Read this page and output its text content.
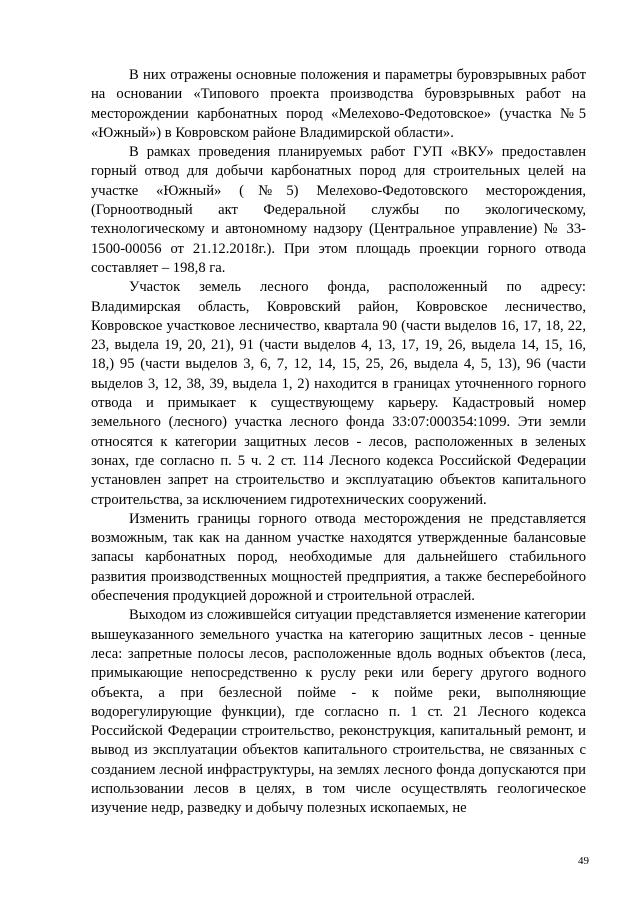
В них отражены основные положения и параметры буровзрывных работ на основании «Типового проекта производства буровзрывных работ на месторождении карбонатных пород «Мелехово-Федотовское» (участка №5 «Южный») в Ковровском районе Владимирской области».

В рамках проведения планируемых работ ГУП «ВКУ» предоставлен горный отвод для добычи карбонатных пород для строительных целей на участке «Южный» (№5) Мелехово-Федотовского месторождения, (Горноотводный акт Федеральной службы по экологическому, технологическому и автономному надзору (Центральное управление) № 33-1500-00056 от 21.12.2018г.). При этом площадь проекции горного отвода составляет – 198,8 га.

Участок земель лесного фонда, расположенный по адресу: Владимирская область, Ковровский район, Ковровское лесничество, Ковровское участковое лесничество, квартала 90 (части выделов 16, 17, 18, 22, 23, выдела 19, 20, 21), 91 (части выделов 4, 13, 17, 19, 26, выдела 14, 15, 16, 18,) 95 (части выделов 3, 6, 7, 12, 14, 15, 25, 26, выдела 4, 5, 13), 96 (части выделов 3, 12, 38, 39, выдела 1, 2) находится в границах уточненного горного отвода и примыкает к существующему карьеру. Кадастровый номер земельного (лесного) участка лесного фонда 33:07:000354:1099. Эти земли относятся к категории защитных лесов - лесов, расположенных в зеленых зонах, где согласно п. 5 ч. 2 ст. 114 Лесного кодекса Российской Федерации установлен запрет на строительство и эксплуатацию объектов капитального строительства, за исключением гидротехнических сооружений.

Изменить границы горного отвода месторождения не представляется возможным, так как на данном участке находятся утвержденные балансовые запасы карбонатных пород, необходимые для дальнейшего стабильного развития производственных мощностей предприятия, а также бесперебойного обеспечения продукцией дорожной и строительной отраслей.

Выходом из сложившейся ситуации представляется изменение категории вышеуказанного земельного участка на категорию защитных лесов - ценные леса: запретные полосы лесов, расположенные вдоль водных объектов (леса, примыкающие непосредственно к руслу реки или берегу другого водного объекта, а при безлесной пойме - к пойме реки, выполняющие водорегулирующие функции), где согласно п. 1 ст. 21 Лесного кодекса Российской Федерации строительство, реконструкция, капитальный ремонт, и вывод из эксплуатации объектов капитального строительства, не связанных с созданием лесной инфраструктуры, на землях лесного фонда допускаются при использовании лесов в целях, в том числе осуществлять геологическое изучение недр, разведку и добычу полезных ископаемых, не

49
